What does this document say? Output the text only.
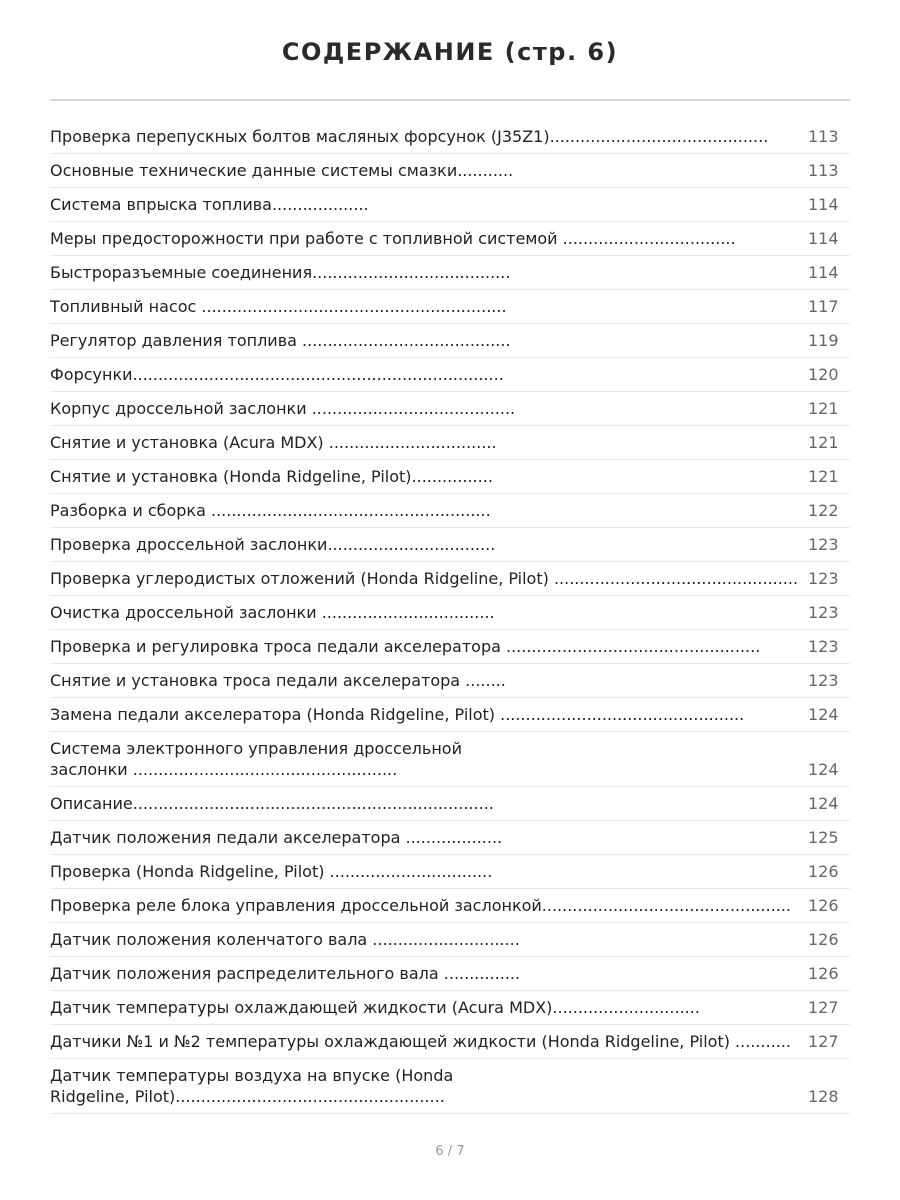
СОДЕРЖАНИЕ (стр. 6)
Проверка перепускных болтов масляных форсунок (J35Z1)...........................................	113
Основные технические данные системы смазки...........	113
Система впрыска топлива...................	114
Меры предосторожности при работе с топливной системой ..................................	114
Быстроразъемные соединения.......................................	114
Топливный насос ............................................................	117
Регулятор давления топлива .........................................	119
Форсунки.........................................................................	120
Корпус дроссельной заслонки ........................................	121
Снятие и установка (Acura MDX) .................................	121
Снятие и установка (Honda Ridgeline, Pilot)................	121
Разборка и сборка .......................................................	122
Проверка дроссельной заслонки.................................	123
Проверка углеродистых отложений (Honda Ridgeline, Pilot) ................................................ 123
Очистка дроссельной заслонки ..................................	123
Проверка и регулировка троса педали акселератора ..................................................	123
Снятие и установка троса педали акселератора ........	123
Замена педали акселератора (Honda Ridgeline, Pilot) ................................................	124
Система электронного управления дроссельной заслонки ....................................................	124
Описание.......................................................................	124
Датчик положения педали акселератора ...................	125
Проверка (Honda Ridgeline, Pilot) ................................	126
Проверка реле блока управления дроссельной заслонкой.................................................	126
Датчик положения коленчатого вала .............................	126
Датчик положения распределительного вала ...............	126
Датчик температуры охлаждающей жидкости (Acura MDX).............................	127
Датчики №1 и №2 температуры охлаждающей жидкости (Honda Ridgeline, Pilot) ...........	127
Датчик температуры воздуха на впуске (Honda Ridgeline, Pilot).....................................................	128
6 / 7
